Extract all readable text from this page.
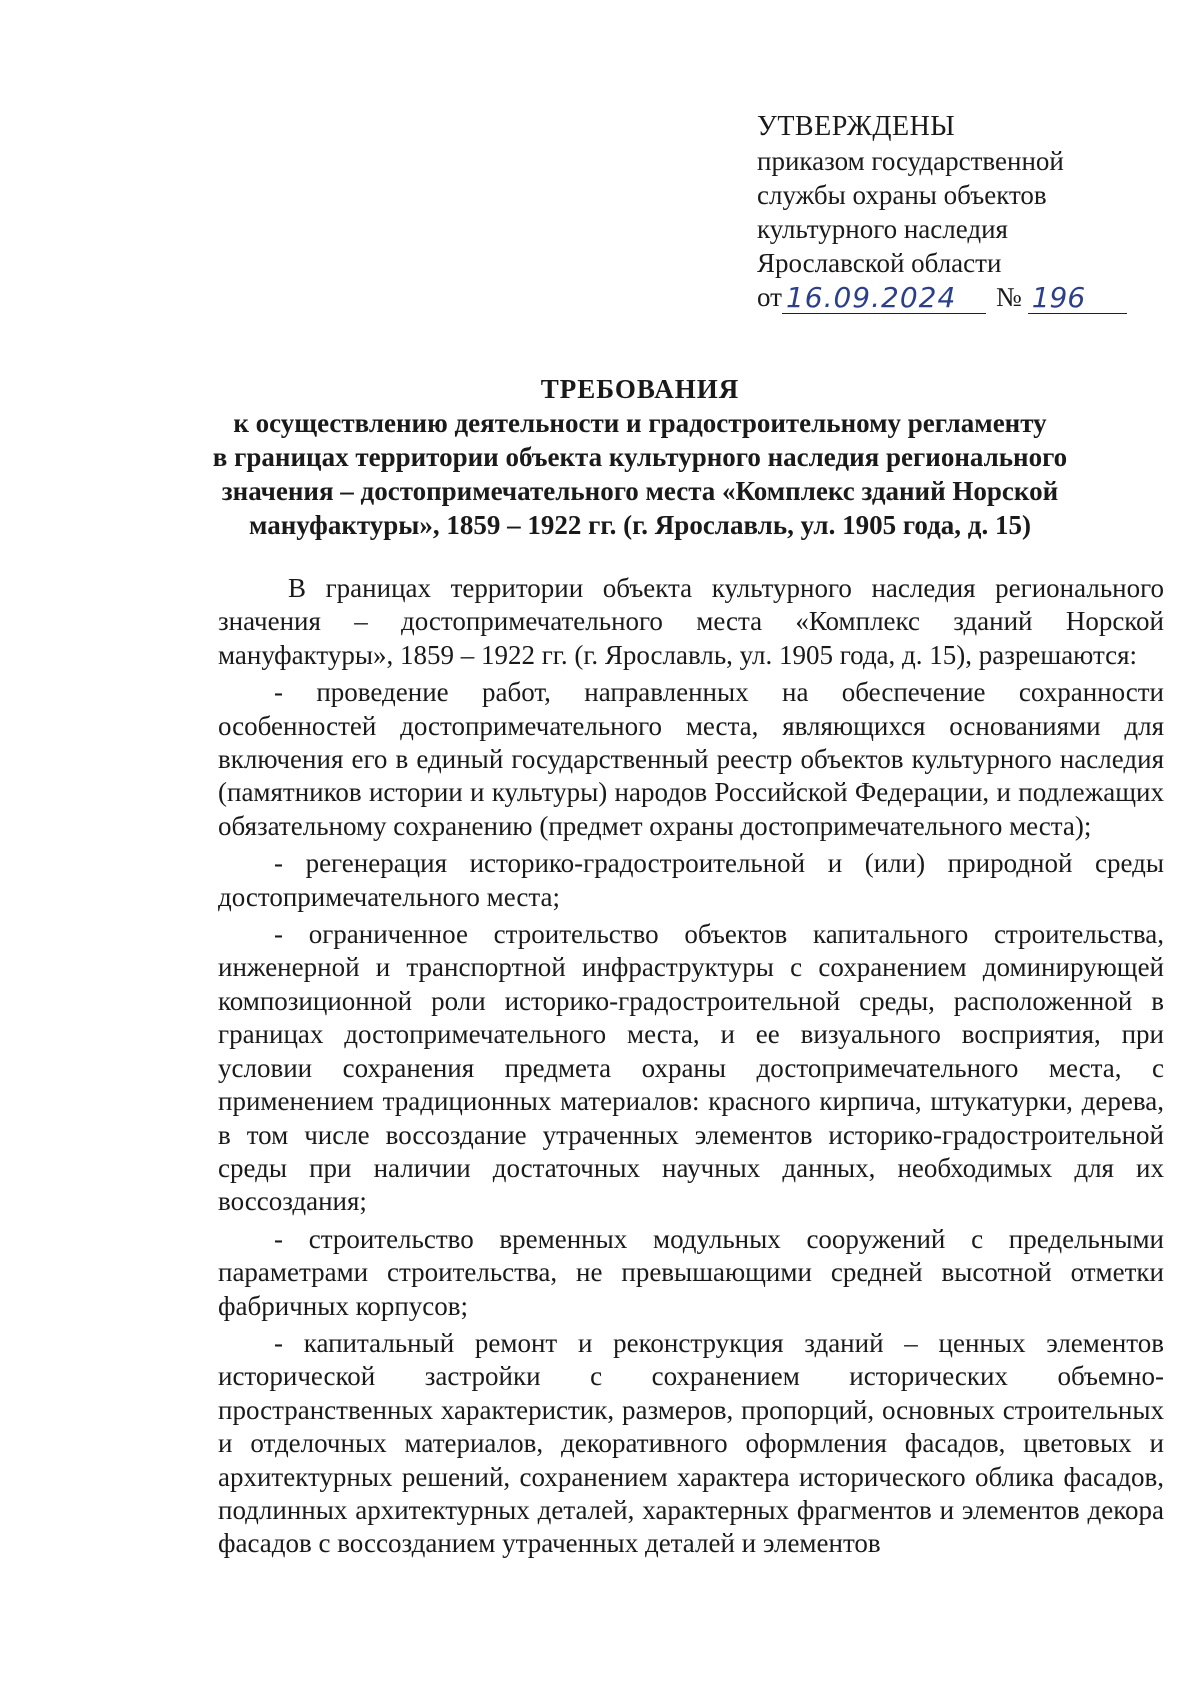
УТВЕРЖДЕНЫ
приказом государственной
службы охраны объектов
культурного наследия
Ярославской области
от 16.09.2024	№ 196
ТРЕБОВАНИЯ
к осуществлению деятельности и градостроительному регламенту
в границах территории объекта культурного наследия регионального
значения – достопримечательного места «Комплекс зданий Норской
мануфактуры», 1859 – 1922 гг. (г. Ярославль, ул. 1905 года, д. 15)

В границах территории объекта культурного наследия регионального значения – достопримечательного места «Комплекс зданий Норской мануфактуры», 1859 – 1922 гг. (г. Ярославль, ул. 1905 года, д. 15), разрешаются:

- проведение работ, направленных на обеспечение сохранности особенностей достопримечательного места, являющихся основаниями для включения его в единый государственный реестр объектов культурного наследия (памятников истории и культуры) народов Российской Федерации, и подлежащих обязательному сохранению (предмет охраны достопримечательного места);

- регенерация историко-градостроительной и (или) природной среды достопримечательного места;

- ограниченное строительство объектов капитального строительства, инженерной и транспортной инфраструктуры с сохранением доминирующей композиционной роли историко-градостроительной среды, расположенной в границах достопримечательного места, и ее визуального восприятия, при условии сохранения предмета охраны достопримечательного места, с применением традиционных материалов: красного кирпича, штукатурки, дерева, в том числе воссоздание утраченных элементов историко-градостроительной среды при наличии достаточных научных данных, необходимых для их воссоздания;

- строительство временных модульных сооружений с предельными параметрами строительства, не превышающими средней высотной отметки фабричных корпусов;

- капитальный ремонт и реконструкция зданий – ценных элементов исторической застройки с сохранением исторических объемно-пространственных характеристик, размеров, пропорций, основных строительных и отделочных материалов, декоративного оформления фасадов, цветовых и архитектурных решений, сохранением характера исторического облика фасадов, подлинных архитектурных деталей, характерных фрагментов и элементов декора фасадов с воссозданием утраченных деталей и элементов
